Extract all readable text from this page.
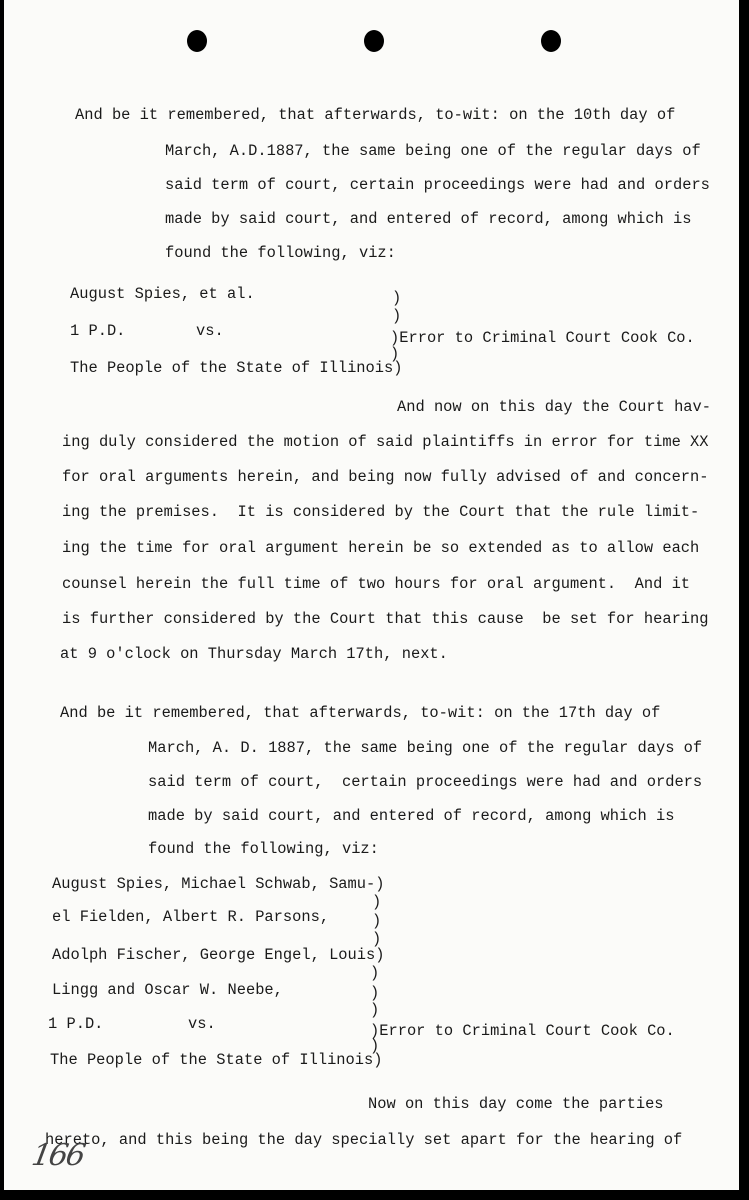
And be it remembered, that afterwards, to-wit: on the 10th day of
March, A.D.1887, the same being one of the regular days of
said term of court, certain proceedings were had and orders
made by said court, and entered of record, among which is
found the following, viz:
August Spies, et al.	)
)
1 P.D.	vs.	)Error to Criminal Court Cook Co.
)
The People of the State of Illinois)
And now on this day the Court hav-
ing duly considered the motion of said plaintiffs in error for time XX
for oral arguments herein, and being now fully advised of and concern-
ing the premises.  It is considered by the Court that the rule limit-
ing the time for oral argument herein be so extended as to allow each
counsel herein the full time of two hours for oral argument.  And it
is further considered by the Court that this cause  be set for hearing
at 9 o'clock on Thursday March 17th, next.
And be it remembered, that afterwards, to-wit: on the 17th day of
March, A. D. 1887, the same being one of the regular days of
said term of court,  certain proceedings were had and orders
made by said court, and entered of record, among which is
found the following, viz:
August Spies, Michael Schwab, Samu-)
)
el Fielden, Albert R. Parsons,	)
)
Adolph Fischer, George Engel, Louis)
)
Lingg and Oscar W. Neebe,	)
)
1 P.D.	vs.	)Error to Criminal Court Cook Co.
)
The People of the State of Illinois)
Now on this day come the parties
hereto, and this being the day specially set apart for the hearing of
166
